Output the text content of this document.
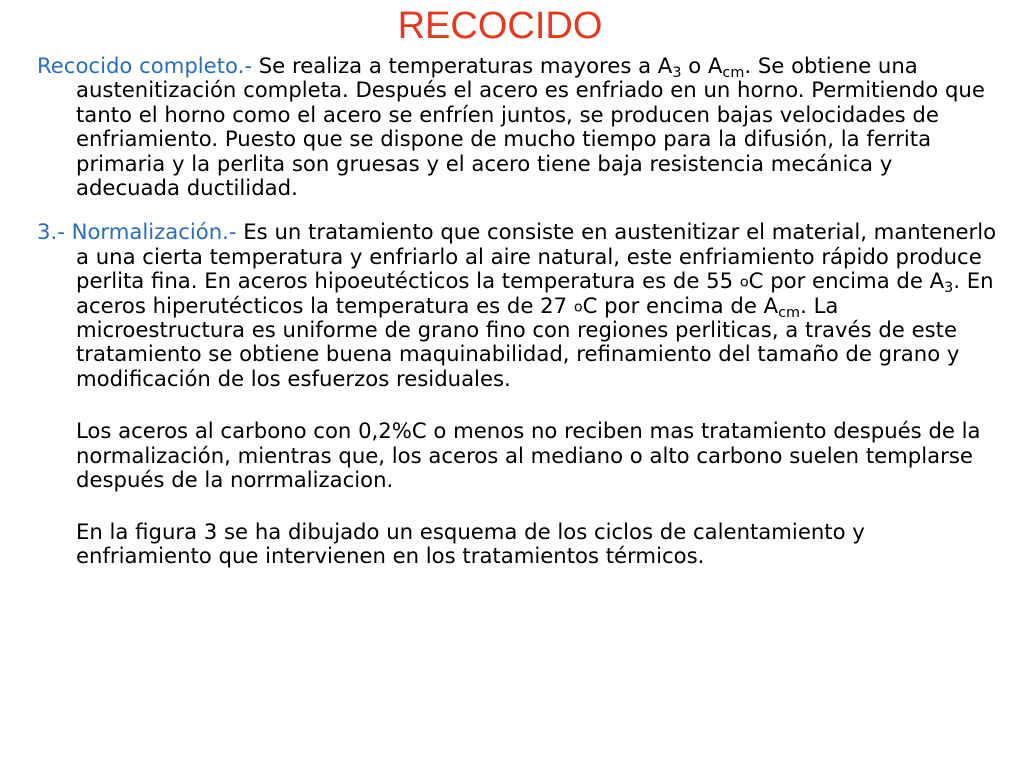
RECOCIDO

Recocido completo.- Se realiza a temperaturas mayores a $A_3$ o $A_{cm}$. Se obtiene una austenitización completa. Después el acero es enfriado en un horno. Permitiendo que tanto el horno como el acero se enfríen juntos, se producen bajas velocidades de enfriamiento. Puesto que se dispone de mucho tiempo para la difusión, la ferrita primaria y la perlita son gruesas y el acero tiene baja resistencia mecánica y adecuada ductilidad.

3.- Normalización.- Es un tratamiento que consiste en austenitizar el material, mantenerlo a una cierta temperatura y enfriarlo al aire natural, este enfriamiento rápido produce perlita fina. En aceros hipoeutécticos la temperatura es de 55 $^o$C por encima de $A_3$. En aceros hiperutécticos la temperatura es de 27 $^o$C por encima de $A_{cm}$. La microestructura es uniforme de grano fino con regiones perliticas, a través de este tratamiento se obtiene buena maquinabilidad, refinamiento del tamaño de grano y modificación de los esfuerzos residuales.

Los aceros al carbono con 0,2%C o menos no reciben mas tratamiento después de la normalización, mientras que, los aceros al mediano o alto carbono suelen templarse después de la norrmalizacion.

En la figura 3 se ha dibujado un esquema de los ciclos de calentamiento y enfriamiento que intervienen en los tratamientos térmicos.
